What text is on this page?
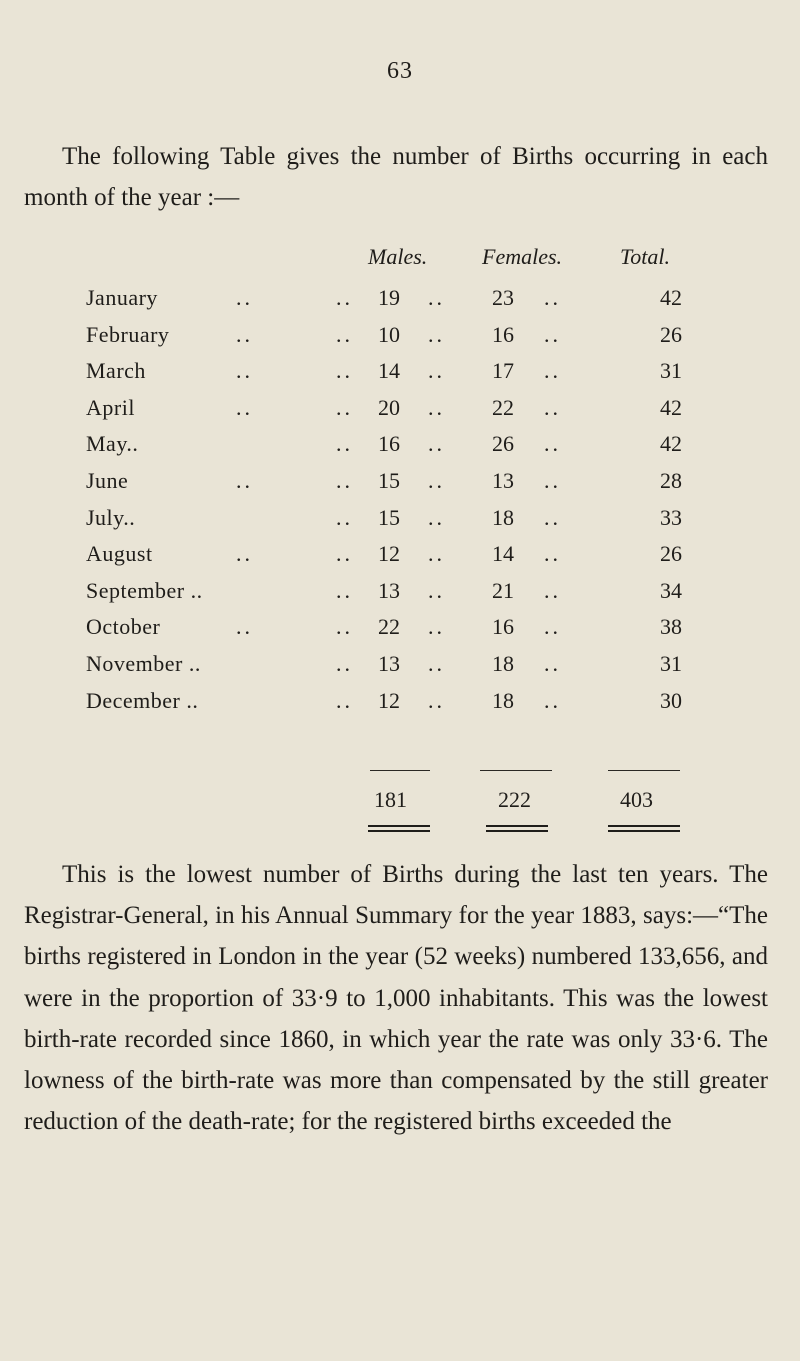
63

The following Table gives the number of Births occurring in each month of the year :—

Males. Females.	Total.
January	..	.. 19 .. 23 ..	42
February	..	.. 10 .. 16 ..	26
March	..	.. 14 .. 17 ..	31
April	..	.. 20 .. 22 ..	42
May..	.. 16 .. 26 ..	42
June	..	.. 15 .. 13 ..	28
July..	.. 15 .. 18 ..	33
August	..	.. 12 .. 14 ..	26
September ..	.. 13 .. 21 ..	34
October	..	.. 22 .. 16 ..	38
November ..	.. 13 .. 18 ..	31
December ..	.. 12 .. 18 ..	30
181	222	403

This is the lowest number of Births during the last ten years. The Registrar-General, in his Annual Summary for the year 1883, says:—“The births registered in London in the year (52 weeks) numbered 133,656, and were in the proportion of 33·9 to 1,000 inhabitants. This was the lowest birth-rate recorded since 1860, in which year the rate was only 33·6. The lowness of the birth-rate was more than compensated by the still greater reduction of the death-rate; for the registered births exceeded the
